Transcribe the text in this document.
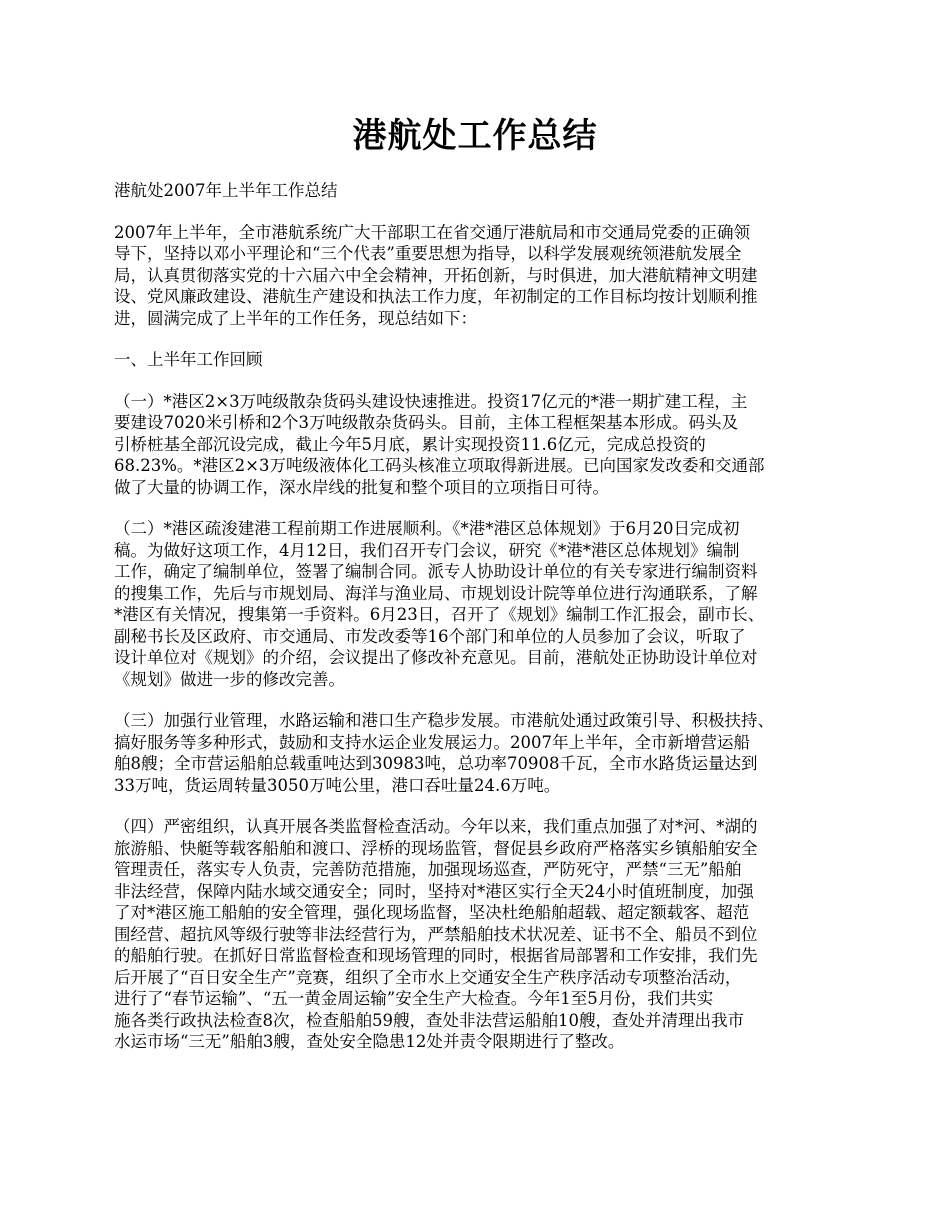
港航处工作总结

港航处2007年上半年工作总结

2007年上半年，全市港航系统广大干部职工在省交通厅港航局和市交通局党委的正确领
导下，坚持以邓小平理论和“三个代表”重要思想为指导，以科学发展观统领港航发展全
局，认真贯彻落实党的十六届六中全会精神，开拓创新，与时俱进，加大港航精神文明建
设、党风廉政建设、港航生产建设和执法工作力度，年初制定的工作目标均按计划顺利推
进，圆满完成了上半年的工作任务，现总结如下：

一、上半年工作回顾

（一）*港区2×3万吨级散杂货码头建设快速推进。投资17亿元的*港一期扩建工程，主
要建设7020米引桥和2个3万吨级散杂货码头。目前，主体工程框架基本形成。码头及
引桥桩基全部沉设完成，截止今年5月底，累计实现投资11.6亿元，完成总投资的
68.23%。*港区2×3万吨级液体化工码头核准立项取得新进展。已向国家发改委和交通部
做了大量的协调工作，深水岸线的批复和整个项目的立项指日可待。

（二）*港区疏浚建港工程前期工作进展顺利。《*港*港区总体规划》于6月20日完成初
稿。为做好这项工作，4月12日，我们召开专门会议，研究《*港*港区总体规划》编制
工作，确定了编制单位，签署了编制合同。派专人协助设计单位的有关专家进行编制资料
的搜集工作，先后与市规划局、海洋与渔业局、市规划设计院等单位进行沟通联系，了解
*港区有关情况，搜集第一手资料。6月23日，召开了《规划》编制工作汇报会，副市长、
副秘书长及区政府、市交通局、市发改委等16个部门和单位的人员参加了会议，听取了
设计单位对《规划》的介绍，会议提出了修改补充意见。目前，港航处正协助设计单位对
《规划》做进一步的修改完善。

（三）加强行业管理，水路运输和港口生产稳步发展。市港航处通过政策引导、积极扶持、
搞好服务等多种形式，鼓励和支持水运企业发展运力。2007年上半年，全市新增营运船
舶8艘；全市营运船舶总载重吨达到30983吨，总功率70908千瓦，全市水路货运量达到
33万吨，货运周转量3050万吨公里，港口吞吐量24.6万吨。

（四）严密组织，认真开展各类监督检查活动。今年以来，我们重点加强了对*河、*湖的
旅游船、快艇等载客船舶和渡口、浮桥的现场监管，督促县乡政府严格落实乡镇船舶安全
管理责任，落实专人负责，完善防范措施，加强现场巡查，严防死守，严禁“三无”船舶
非法经营，保障内陆水域交通安全；同时，坚持对*港区实行全天24小时值班制度，加强
了对*港区施工船舶的安全管理，强化现场监督，坚决杜绝船舶超载、超定额载客、超范
围经营、超抗风等级行驶等非法经营行为，严禁船舶技术状况差、证书不全、船员不到位
的船舶行驶。在抓好日常监督检查和现场管理的同时，根据省局部署和工作安排，我们先
后开展了“百日安全生产”竞赛，组织了全市水上交通安全生产秩序活动专项整治活动，
进行了“春节运输”、“五一黄金周运输”安全生产大检查。今年1至5月份，我们共实
施各类行政执法检查8次，检查船舶59艘，查处非法营运船舶10艘，查处并清理出我市
水运市场“三无”船舶3艘，查处安全隐患12处并责令限期进行了整改。
